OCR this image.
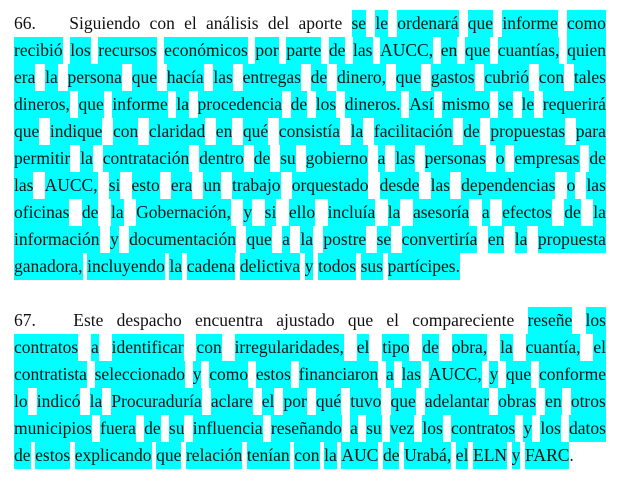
66.	Siguiendo con el análisis del aporte se le ordenará que informe como
recibió los recursos económicos por parte de las AUCC, en que cuantías, quien
era la persona que hacía las entregas de dinero, que gastos cubrió con tales
dineros, que informe la procedencia de los dineros. Así mismo se le requerirá
que indique con claridad en qué consistía la facilitación de propuestas para
permitir la contratación dentro de su gobierno a las personas o empresas de
las AUCC, si esto era un trabajo orquestado desde las dependencias o las
oficinas de la Gobernación, y si ello incluía la asesoría a efectos de la
información y documentación que a la postre se convertiría en la propuesta
ganadora, incluyendo la cadena delictiva y todos sus partícipes.
67.	Este despacho encuentra ajustado que el compareciente reseñe los
contratos a identificar con irregularidades, el tipo de obra, la cuantía, el
contratista seleccionado y como estos financiaron a las AUCC, y que conforme
lo indicó la Procuraduría aclare el por qué tuvo que adelantar obras en otros
municipios fuera de su influencia reseñando a su vez los contratos y los datos
de estos explicando que relación tenían con la AUC de Urabá, el ELN y FARC .
